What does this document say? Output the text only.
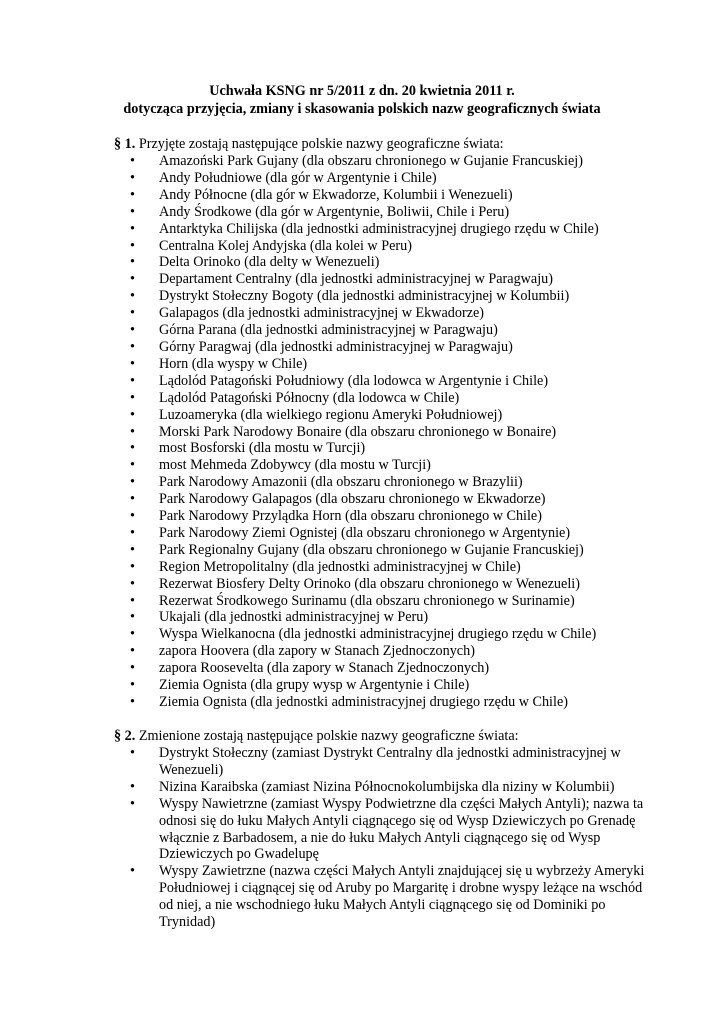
Uchwała KSNG nr 5/2011 z dn. 20 kwietnia 2011 r.
dotycząca przyjęcia, zmiany i skasowania polskich nazw geograficznych świata
§ 1. Przyjęte zostają następujące polskie nazwy geograficzne świata:
• Amazoński Park Gujany (dla obszaru chronionego w Gujanie Francuskiej)
• Andy Południowe (dla gór w Argentynie i Chile)
• Andy Północne (dla gór w Ekwadorze, Kolumbii i Wenezueli)
• Andy Środkowe (dla gór w Argentynie, Boliwii, Chile i Peru)
• Antarktyka Chilijska (dla jednostki administracyjnej drugiego rzędu w Chile)
• Centralna Kolej Andyjska (dla kolei w Peru)
• Delta Orinoko (dla delty w Wenezueli)
• Departament Centralny (dla jednostki administracyjnej w Paragwaju)
• Dystrykt Stołeczny Bogoty (dla jednostki administracyjnej w Kolumbii)
• Galapagos (dla jednostki administracyjnej w Ekwadorze)
• Górna Parana (dla jednostki administracyjnej w Paragwaju)
• Górny Paragwaj (dla jednostki administracyjnej w Paragwaju)
• Horn (dla wyspy w Chile)
• Lądolód Patagoński Południowy (dla lodowca w Argentynie i Chile)
• Lądolód Patagoński Północny (dla lodowca w Chile)
• Luzoameryka (dla wielkiego regionu Ameryki Południowej)
• Morski Park Narodowy Bonaire (dla obszaru chronionego w Bonaire)
• most Bosforski (dla mostu w Turcji)
• most Mehmeda Zdobywcy (dla mostu w Turcji)
• Park Narodowy Amazonii (dla obszaru chronionego w Brazylii)
• Park Narodowy Galapagos (dla obszaru chronionego w Ekwadorze)
• Park Narodowy Przylądka Horn (dla obszaru chronionego w Chile)
• Park Narodowy Ziemi Ognistej (dla obszaru chronionego w Argentynie)
• Park Regionalny Gujany (dla obszaru chronionego w Gujanie Francuskiej)
• Region Metropolitalny (dla jednostki administracyjnej w Chile)
• Rezerwat Biosfery Delty Orinoko (dla obszaru chronionego w Wenezueli)
• Rezerwat Środkowego Surinamu (dla obszaru chronionego w Surinamie)
• Ukajali (dla jednostki administracyjnej w Peru)
• Wyspa Wielkanocna (dla jednostki administracyjnej drugiego rzędu w Chile)
• zapora Hoovera (dla zapory w Stanach Zjednoczonych)
• zapora Roosevelta (dla zapory w Stanach Zjednoczonych)
• Ziemia Ognista (dla grupy wysp w Argentynie i Chile)
• Ziemia Ognista (dla jednostki administracyjnej drugiego rzędu w Chile)
§ 2. Zmienione zostają następujące polskie nazwy geograficzne świata:
• Dystrykt Stołeczny (zamiast Dystrykt Centralny dla jednostki administracyjnej w Wenezueli)
• Nizina Karaibska (zamiast Nizina Północnokolumbijska dla niziny w Kolumbii)
• Wyspy Nawietrzne (zamiast Wyspy Podwietrzne dla części Małych Antyli); nazwa ta odnosi się do łuku Małych Antyli ciągnącego się od Wysp Dziewiczych po Grenadę włącznie z Barbadosem, a nie do łuku Małych Antyli ciągnącego się od Wysp Dziewiczych po Gwadelupę
• Wyspy Zawietrzne (nazwa części Małych Antyli znajdującej się u wybrzeży Ameryki Południowej i ciągnącej się od Aruby po Margaritę i drobne wyspy leżące na wschód od niej, a nie wschodniego łuku Małych Antyli ciągnącego się od Dominiki po Trynidad)
